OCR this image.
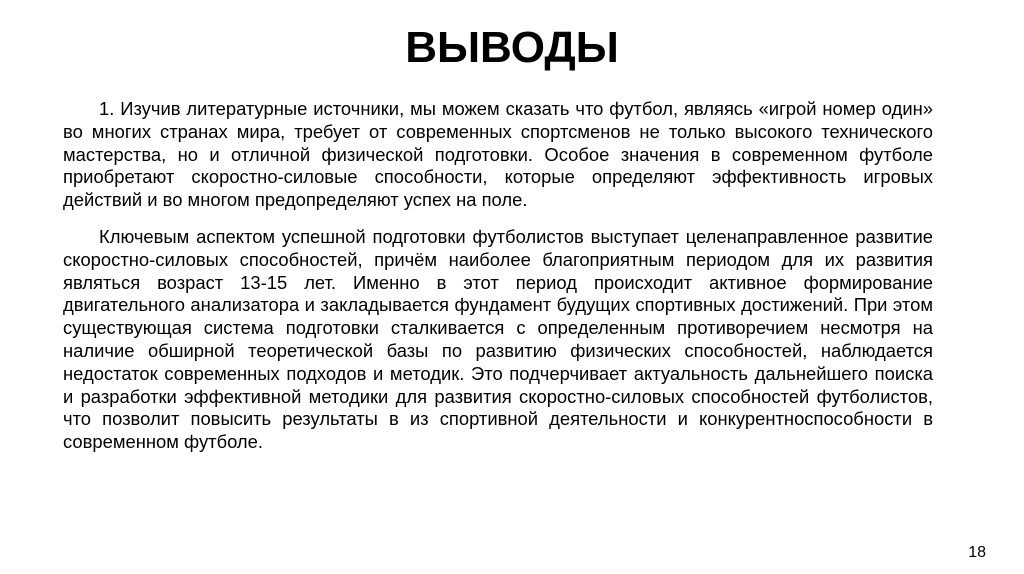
ВЫВОДЫ

1. Изучив литературные источники, мы можем сказать что футбол, являясь «игрой номер один» во многих странах мира, требует от современных спортсменов не только высокого технического мастерства, но и отличной физической подготовки. Особое значения в современном футболе приобретают скоростно-силовые способности, которые определяют эффективность игровых действий и во многом предопределяют успех на поле.

Ключевым аспектом успешной подготовки футболистов выступает целенаправленное развитие скоростно-силовых способностей, причём наиболее благоприятным периодом для их развития являться возраст 13-15 лет. Именно в этот период происходит активное формирование двигательного анализатора и закладывается фундамент будущих спортивных достижений. При этом существующая система подготовки сталкивается с определенным противоречием несмотря на наличие обширной теоретической базы по развитию физических способностей, наблюдается недостаток современных подходов и методик. Это подчерчивает актуальность дальнейшего поиска и разработки эффективной методики для развития скоростно-силовых способностей футболистов, что позволит повысить результаты в из спортивной деятельности и конкурентноспособности в современном футболе.

18
